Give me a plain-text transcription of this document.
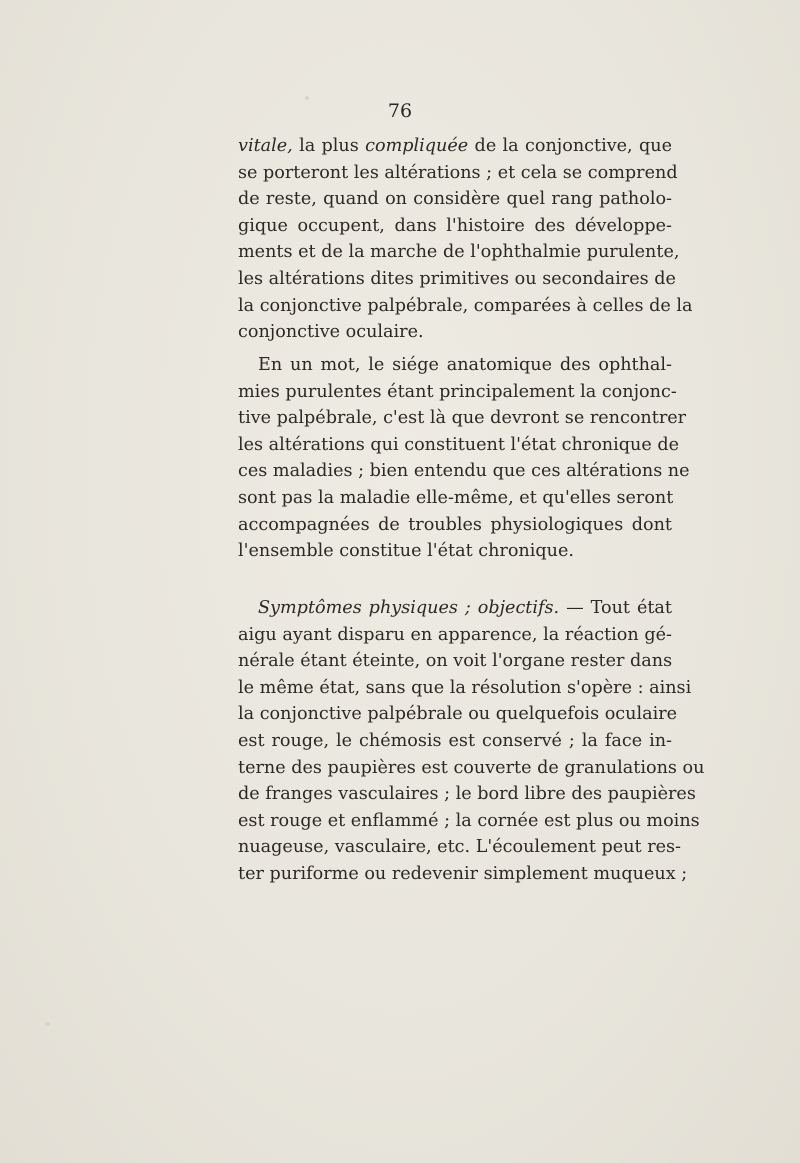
76
vitale, la plus compliquée de la conjonctive, que
se porteront les altérations ; et cela se comprend
de reste, quand on considère quel rang patholo-
gique occupent, dans l'histoire des développe-
ments et de la marche de l'ophthalmie purulente,
les altérations dites primitives ou secondaires de
la conjonctive palpébrale, comparées à celles de la
conjonctive oculaire.
En un mot, le siége anatomique des ophthal-
mies purulentes étant principalement la conjonc-
tive palpébrale, c'est là que devront se rencontrer
les altérations qui constituent l'état chronique de
ces maladies ; bien entendu que ces altérations ne
sont pas la maladie elle-même, et qu'elles seront
accompagnées de troubles physiologiques dont
l'ensemble constitue l'état chronique.
Symptômes physiques ; objectifs. — Tout état
aigu ayant disparu en apparence, la réaction gé-
nérale étant éteinte, on voit l'organe rester dans
le même état, sans que la résolution s'opère : ainsi
la conjonctive palpébrale ou quelquefois oculaire
est rouge, le chémosis est conservé ; la face in-
terne des paupières est couverte de granulations ou
de franges vasculaires ; le bord libre des paupières
est rouge et enflammé ; la cornée est plus ou moins
nuageuse, vasculaire, etc. L'écoulement peut res-
ter puriforme ou redevenir simplement muqueux ;
